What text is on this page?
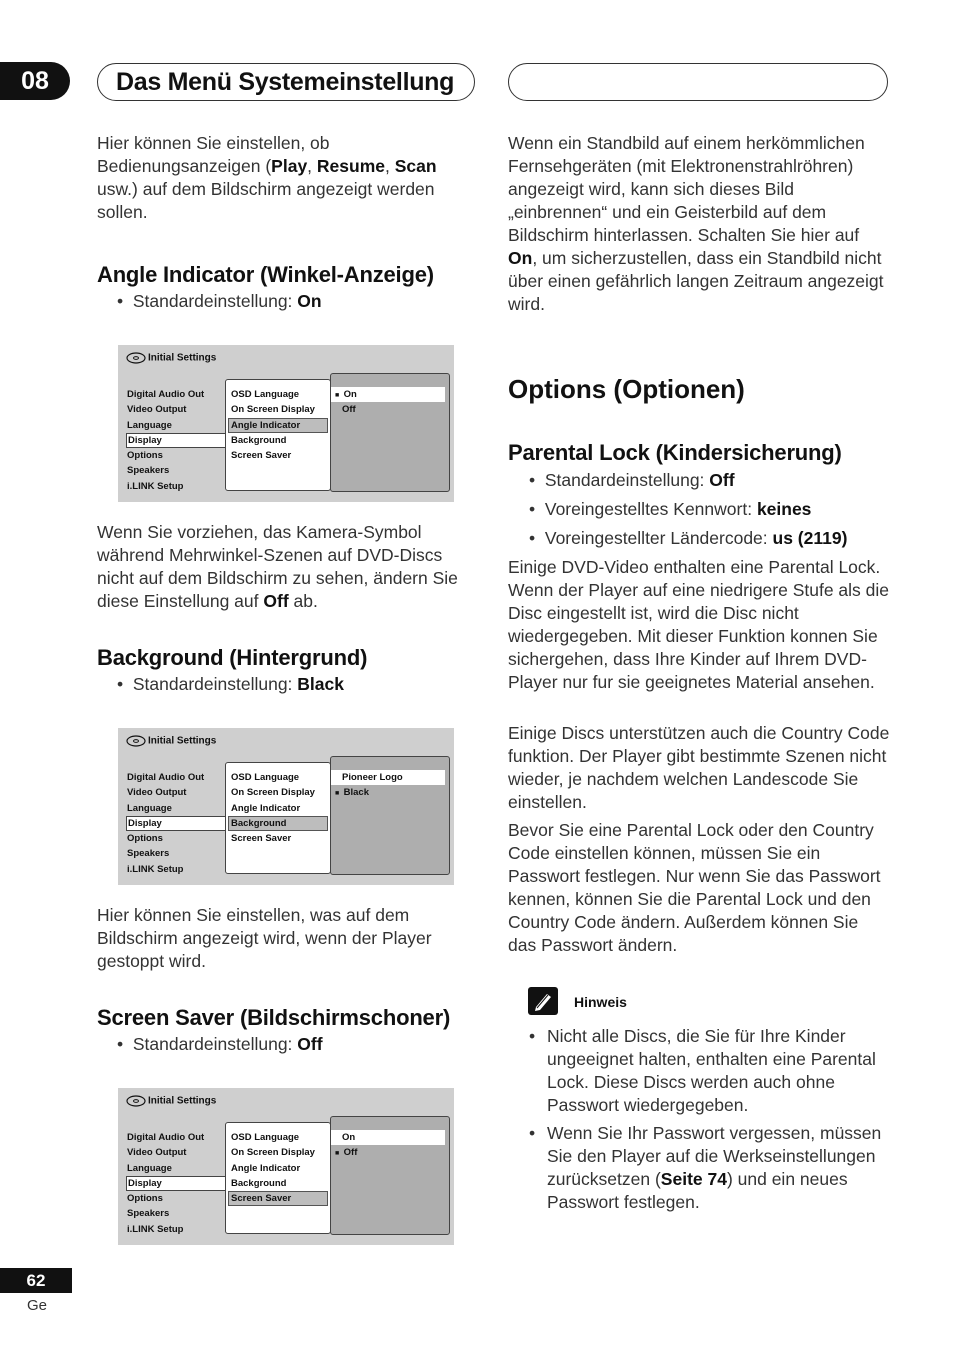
08	Das Menü Systemeinstellung
Hier können Sie einstellen, ob Bedienungsanzeigen (Play, Resume, Scan usw.) auf dem Bildschirm angezeigt werden sollen.
Angle Indicator (Winkel-Anzeige)
•  Standardeinstellung: On
Initial Settings
Digital Audio Out
Video Output
Language
Display
Options
Speakers
i.LINK Setup
OSD Language
On Screen Display
Angle Indicator
Background
Screen Saver
■ On
Off
Wenn Sie vorziehen, das Kamera-Symbol während Mehrwinkel-Szenen auf DVD-Discs nicht auf dem Bildschirm zu sehen, ändern Sie diese Einstellung auf Off ab.
Background (Hintergrund)
•  Standardeinstellung: Black
Initial Settings
Digital Audio Out
Video Output
Language
Display
Options
Speakers
i.LINK Setup
OSD Language
On Screen Display
Angle Indicator
Background
Screen Saver
Pioneer Logo
■ Black
Hier können Sie einstellen, was auf dem Bildschirm angezeigt wird, wenn der Player gestoppt wird.
Screen Saver (Bildschirmschoner)
•  Standardeinstellung: Off
Initial Settings
Digital Audio Out
Video Output
Language
Display
Options
Speakers
i.LINK Setup
OSD Language
On Screen Display
Angle Indicator
Background
Screen Saver
On
■ Off
Wenn ein Standbild auf einem herkömmlichen Fernsehgeräten (mit Elektronenstrahlröhren) angezeigt wird, kann sich dieses Bild „einbrennen“ und ein Geisterbild auf dem Bildschirm hinterlassen. Schalten Sie hier auf On, um sicherzustellen, dass ein Standbild nicht über einen gefährlich langen Zeitraum angezeigt wird.
Options (Optionen)
Parental Lock (Kindersicherung)
•  Standardeinstellung: Off
•  Voreingestelltes Kennwort: keines
•  Voreingestellter Ländercode: us (2119)
Einige DVD-Video enthalten eine Parental Lock. Wenn der Player auf eine niedrigere Stufe als die Disc eingestellt ist, wird die Disc nicht wiedergegeben. Mit dieser Funktion konnen Sie sichergehen, dass Ihre Kinder auf Ihrem DVD-Player nur fur sie geeignetes Material ansehen.
Einige Discs unterstützen auch die Country Code funktion. Der Player gibt bestimmte Szenen nicht wieder, je nachdem welchen Landescode Sie einstellen.
Bevor Sie eine Parental Lock oder den Country Code einstellen können, müssen Sie ein Passwort festlegen. Nur wenn Sie das Passwort kennen, können Sie die Parental Lock und den Country Code ändern. Außerdem können Sie das Passwort ändern.
Hinweis
• Nicht alle Discs, die Sie für Ihre Kinder ungeeignet halten, enthalten eine Parental Lock. Diese Discs werden auch ohne Passwort wiedergegeben.
• Wenn Sie Ihr Passwort vergessen, müssen Sie den Player auf die Werkseinstellungen zurücksetzen (Seite 74) und ein neues Passwort festlegen.
62
Ge
